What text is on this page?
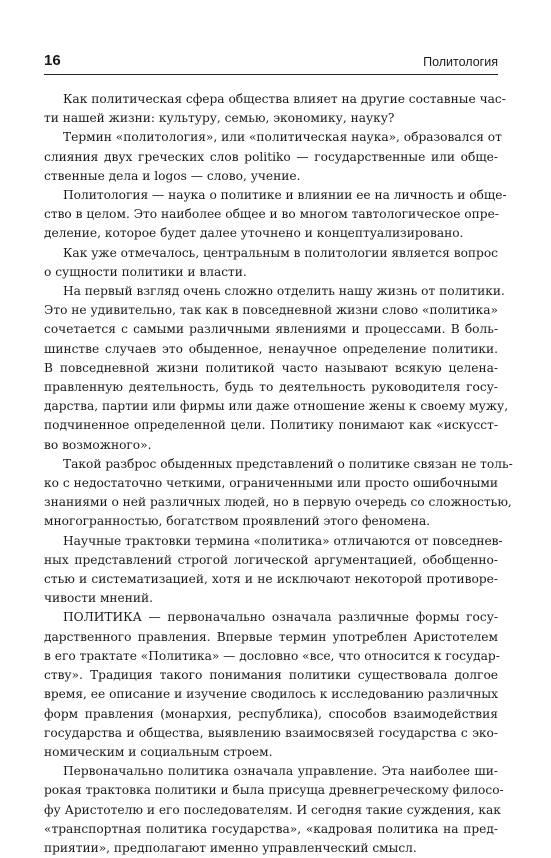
16	Политология

Как политическая сфера общества влияет на другие составные час-
ти нашей жизни: культуру, семью, экономику, науку?

Термин «политология», или «политическая наука», образовался от
слияния двух греческих слов politiko — государственные или обще-
ственные дела и logos — слово, учение.

Политология — наука о политике и влиянии ее на личность и обще-
ство в целом. Это наиболее общее и во многом тавтологическое опре-
деление, которое будет далее уточнено и концептуализировано.

Как уже отмечалось, центральным в политологии является вопрос
о сущности политики и власти.

На первый взгляд очень сложно отделить нашу жизнь от политики.
Это не удивительно, так как в повседневной жизни слово «политика»
сочетается с самыми различными явлениями и процессами. В боль-
шинстве случаев это обыденное, ненаучное определение политики.
В повседневной жизни политикой часто называют всякую целена-
правленную деятельность, будь то деятельность руководителя госу-
дарства, партии или фирмы или даже отношение жены к своему мужу,
подчиненное определенной цели. Политику понимают как «искусст-
во возможного».

Такой разброс обыденных представлений о политике связан не толь-
ко с недостаточно четкими, ограниченными или просто ошибочными
знаниями о ней различных людей, но в первую очередь со сложностью,
многогранностью, богатством проявлений этого феномена.

Научные трактовки термина «политика» отличаются от повседнев-
ных представлений строгой логической аргументацией, обобщенно-
стью и систематизацией, хотя и не исключают некоторой противоре-
чивости мнений.

ПОЛИТИКА — первоначально означала различные формы госу-
дарственного правления. Впервые термин употреблен Аристотелем
в его трактате «Политика» — дословно «все, что относится к государ-
ству». Традиция такого понимания политики существовала долгое
время, ее описание и изучение сводилось к исследованию различных
форм правления (монархия, республика), способов взаимодействия
государства и общества, выявлению взаимосвязей государства с эко-
номическим и социальным строем.

Первоначально политика означала управление. Эта наиболее ши-
рокая трактовка политики и была присуща древнегреческому филосо-
фу Аристотелю и его последователям. И сегодня такие суждения, как
«транспортная политика государства», «кадровая политика на пред-
приятии», предполагают именно управленческий смысл.
